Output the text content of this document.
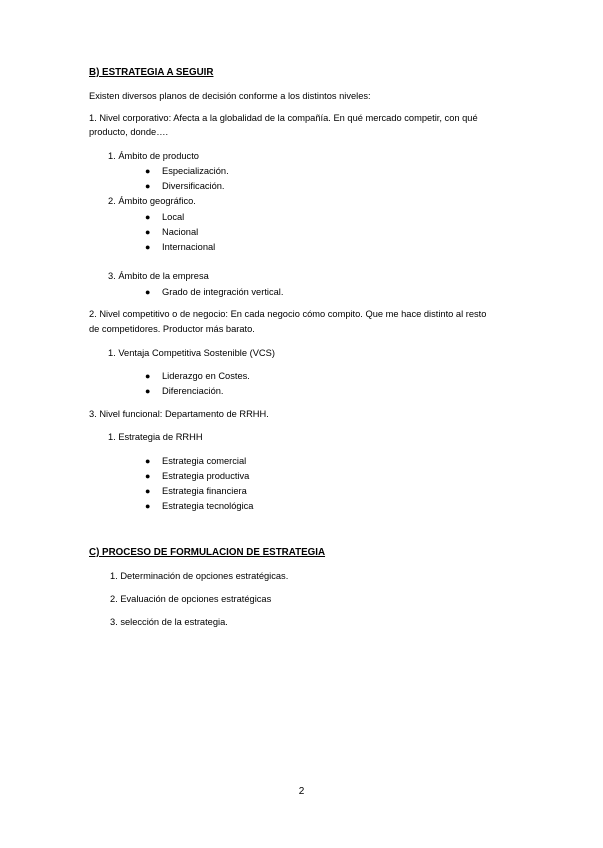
B) ESTRATEGIA A SEGUIR
Existen diversos planos de decisión conforme a los distintos niveles:
1. Nivel corporativo: Afecta a la globalidad de la compañía. En qué mercado competir, con qué
producto, donde….
1. Ámbito de producto
● Especialización.
● Diversificación.
2. Ámbito geográfico.
● Local
● Nacional
● Internacional
3. Ámbito de la empresa
● Grado de integración vertical.
2. Nivel competitivo o de negocio: En cada negocio cómo compito. Que me hace distinto al resto
de competidores. Productor más barato.
1. Ventaja Competitiva Sostenible (VCS)
● Liderazgo en Costes.
● Diferenciación.
3. Nivel funcional: Departamento de RRHH.
1. Estrategia de RRHH
● Estrategia comercial
● Estrategia productiva
● Estrategia financiera
● Estrategia tecnológica
C) PROCESO DE FORMULACION DE ESTRATEGIA
1. Determinación de opciones estratégicas.
2. Evaluación de opciones estratégicas
3. selección de la estrategia.
2
